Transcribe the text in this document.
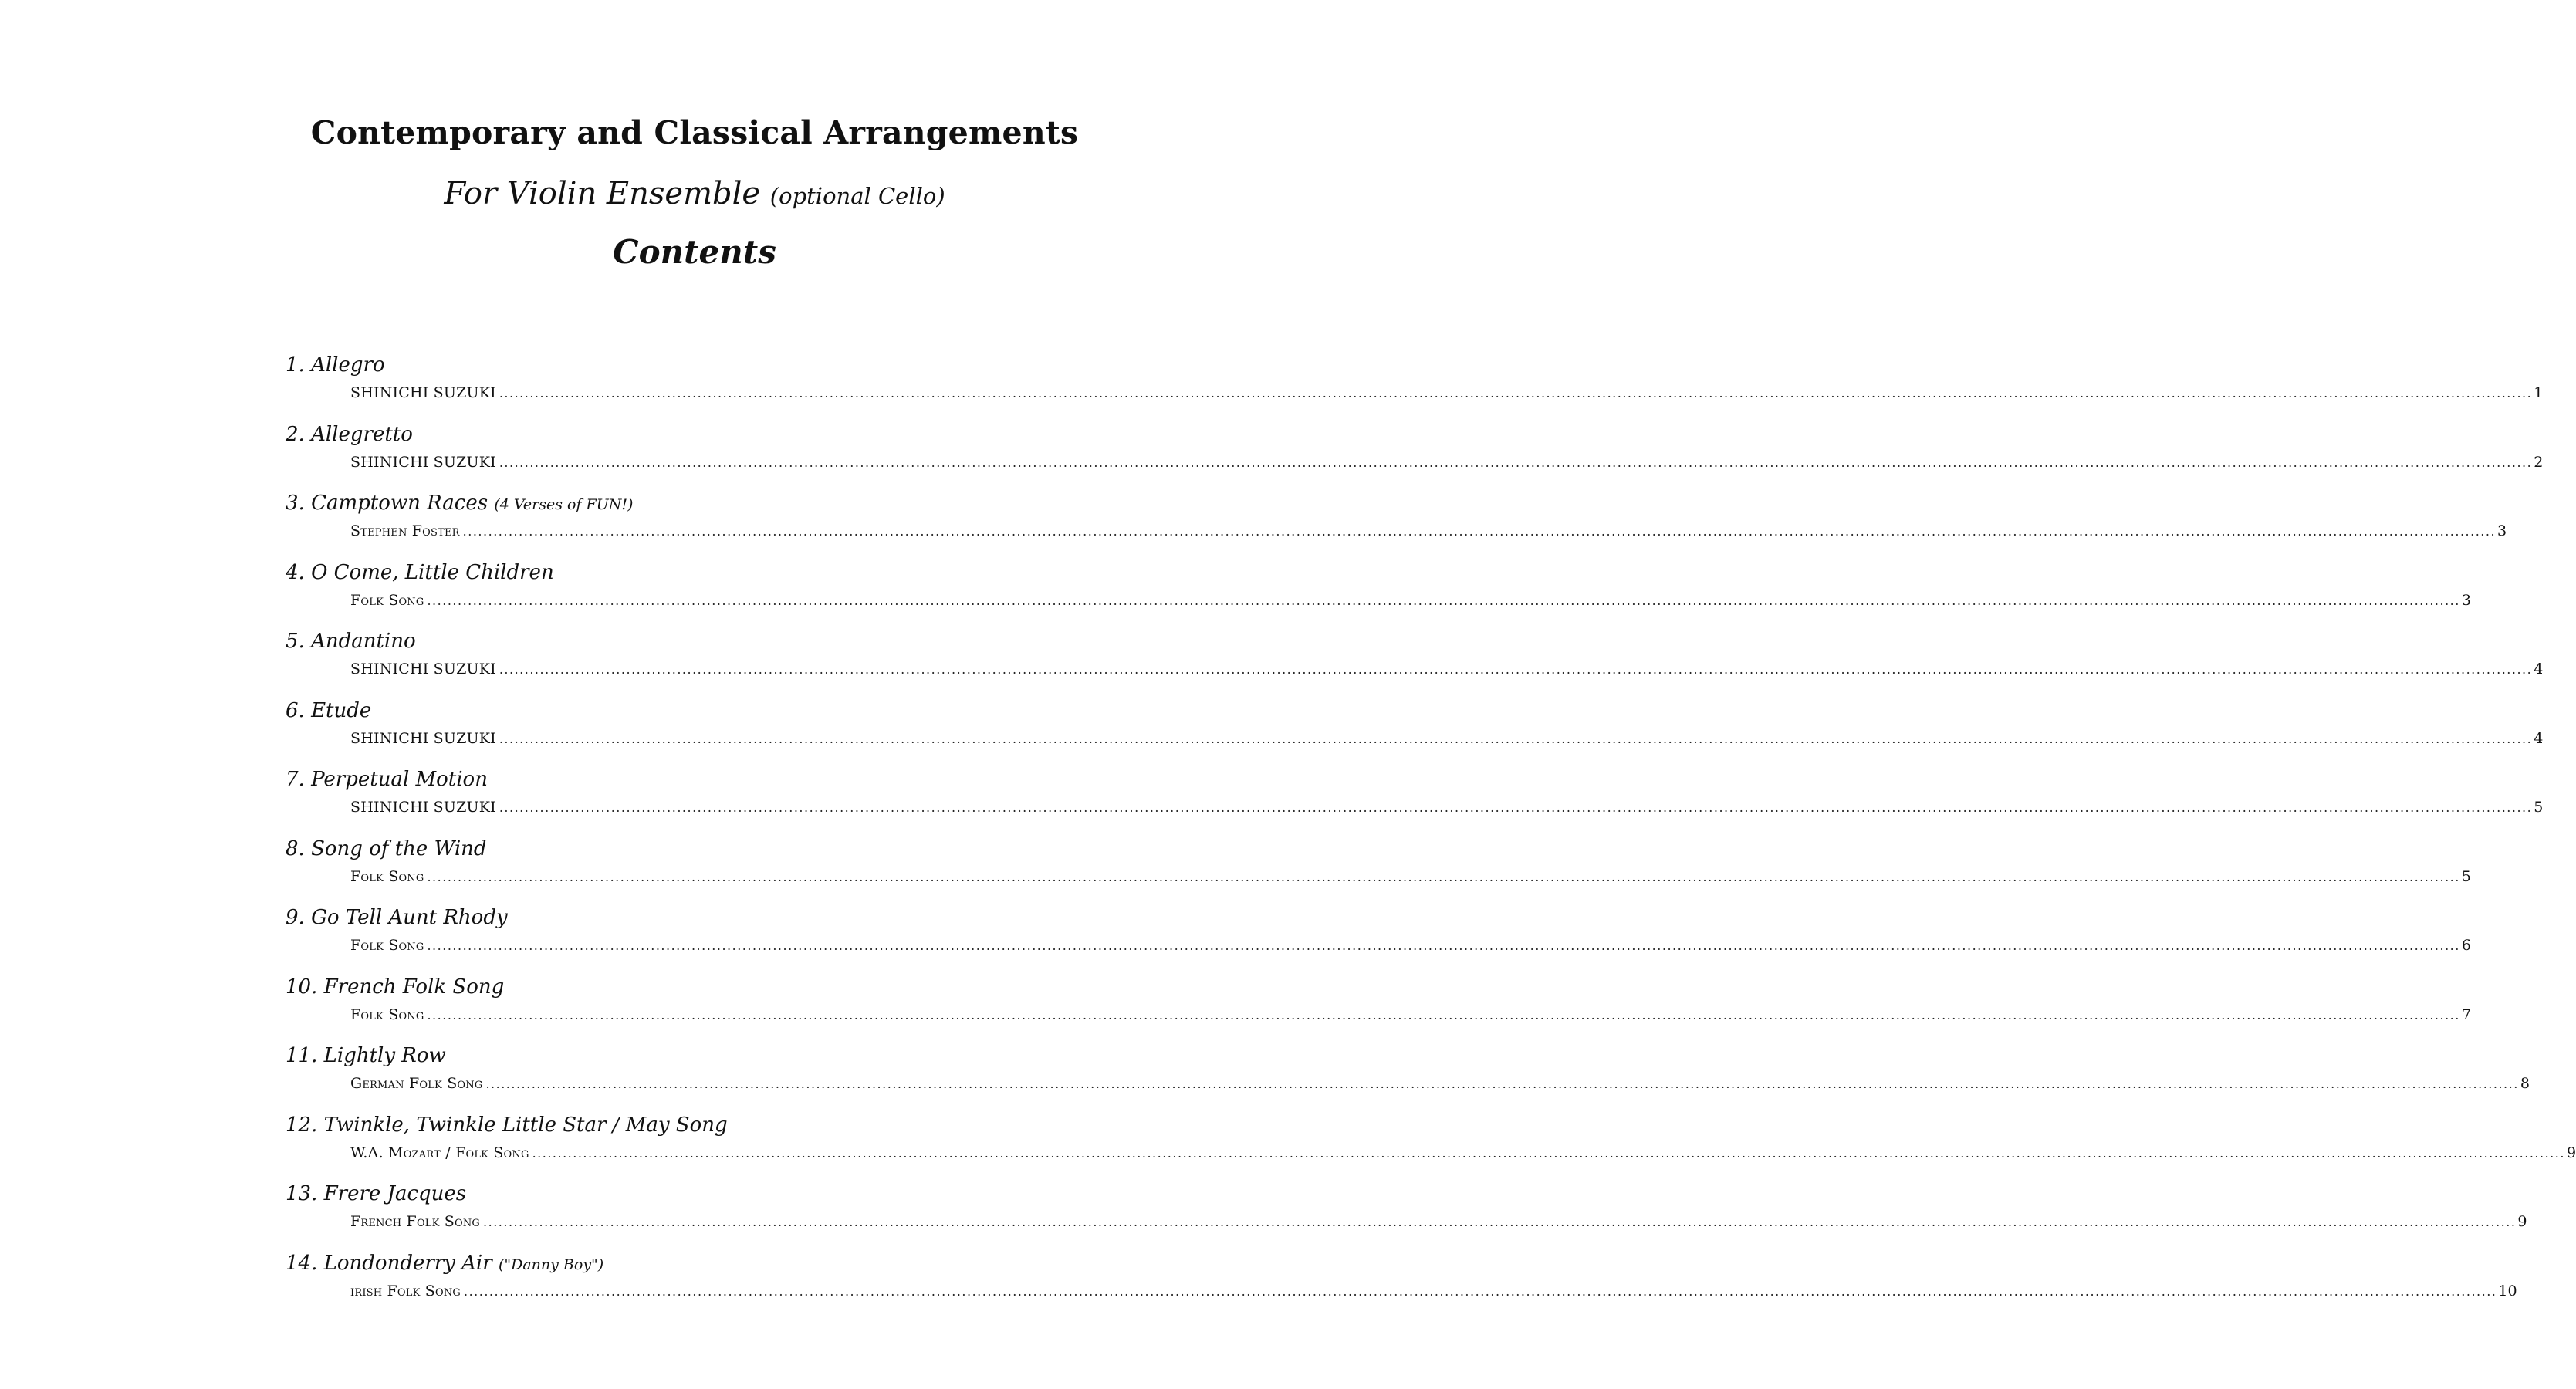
Contemporary and Classical Arrangements
For Violin Ensemble (optional Cello)
Contents
1. Allegro
SHINICHI SUZUKI ................................................................................................................................................................................................................................................................................................................................................................................................................ 1
2. Allegretto
SHINICHI SUZUKI ................................................................................................................................................................................................................................................................................................................................................................................................................ 2
3. Camptown Races (4 Verses of FUN!)
Stephen Foster ................................................................................................................................................................................................................................................................................................................................................................................................................ 3
4. O Come, Little Children
Folk Song ................................................................................................................................................................................................................................................................................................................................................................................................................ 3
5. Andantino
SHINICHI SUZUKI ................................................................................................................................................................................................................................................................................................................................................................................................................ 4
6. Etude
SHINICHI SUZUKI ................................................................................................................................................................................................................................................................................................................................................................................................................ 4
7. Perpetual Motion
SHINICHI SUZUKI ................................................................................................................................................................................................................................................................................................................................................................................................................ 5
8. Song of the Wind
Folk Song ................................................................................................................................................................................................................................................................................................................................................................................................................ 5
9. Go Tell Aunt Rhody
Folk Song ................................................................................................................................................................................................................................................................................................................................................................................................................ 6
10. French Folk Song
Folk Song ................................................................................................................................................................................................................................................................................................................................................................................................................ 7
11. Lightly Row
German Folk Song ................................................................................................................................................................................................................................................................................................................................................................................................................ 8
12. Twinkle, Twinkle Little Star / May Song
W.A. Mozart / Folk Song ................................................................................................................................................................................................................................................................................................................................................................................................................ 9
13. Frere Jacques
French Folk Song ................................................................................................................................................................................................................................................................................................................................................................................................................ 9
14. Londonderry Air ("Danny Boy")
irish Folk Song ................................................................................................................................................................................................................................................................................................................................................................................................................ 10
